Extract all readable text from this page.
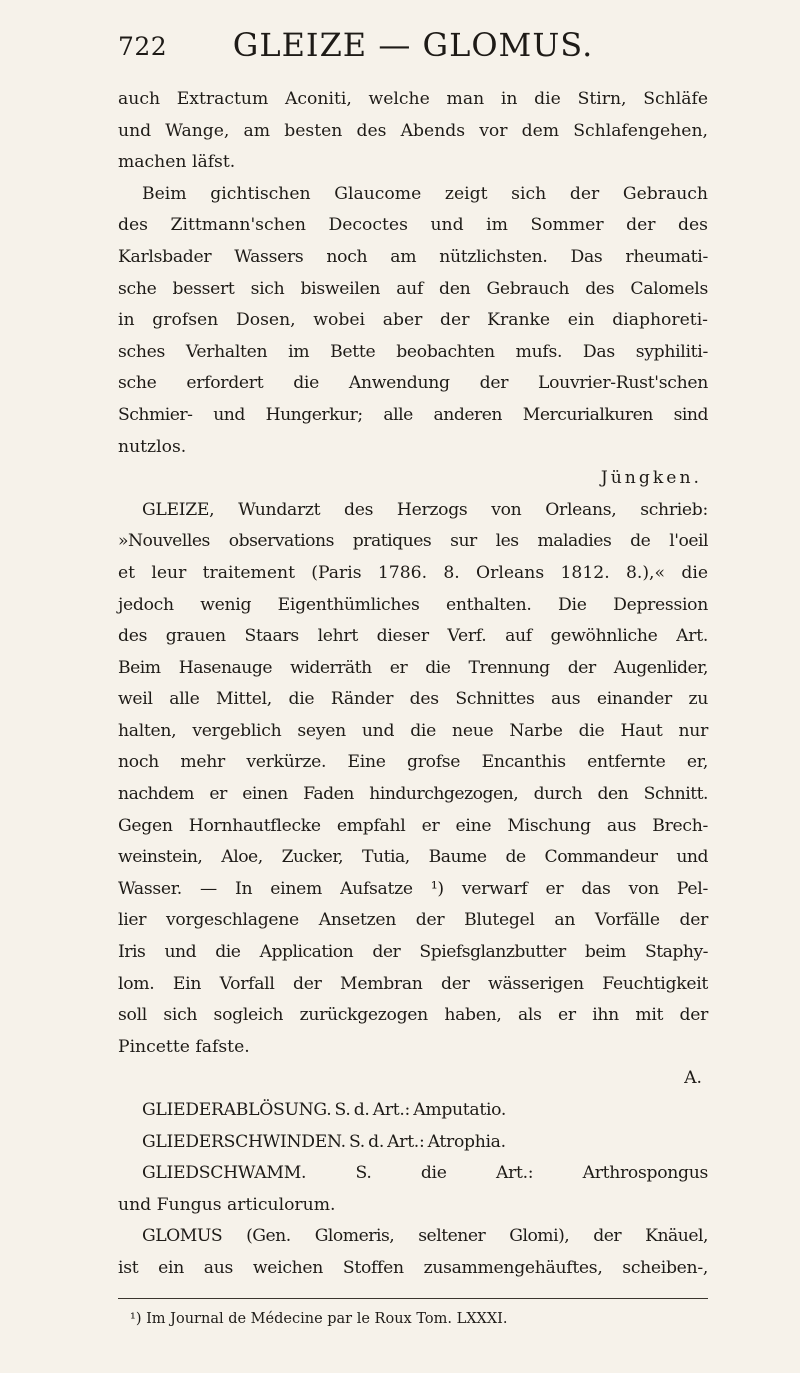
722	GLEIZE — GLOMUS.
auch Extractum Aconiti, welche man in die Stirn, Schläfe
und Wange, am besten des Abends vor dem Schlafengehen,
machen läfst.
Beim gichtischen Glaucome zeigt sich der Gebrauch
des Zittmann'schen Decoctes und im Sommer der des
Karlsbader Wassers noch am nützlichsten. Das rheumati-
sche bessert sich bisweilen auf den Gebrauch des Calomels
in grofsen Dosen, wobei aber der Kranke ein diaphoreti-
sches Verhalten im Bette beobachten mufs. Das syphiliti-
sche erfordert die Anwendung der Louvrier-Rust'schen
Schmier- und Hungerkur; alle anderen Mercurialkuren sind
nutzlos.
Jüngken.
GLEIZE, Wundarzt des Herzogs von Orleans, schrieb:
»Nouvelles observations pratiques sur les maladies de l'oeil
et leur traitement (Paris 1786. 8. Orleans 1812. 8.),« die
jedoch wenig Eigenthümliches enthalten. Die Depression
des grauen Staars lehrt dieser Verf. auf gewöhnliche Art.
Beim Hasenauge widerräth er die Trennung der Augenlider,
weil alle Mittel, die Ränder des Schnittes aus einander zu
halten, vergeblich seyen und die neue Narbe die Haut nur
noch mehr verkürze. Eine grofse Encanthis entfernte er,
nachdem er einen Faden hindurchgezogen, durch den Schnitt.
Gegen Hornhautflecke empfahl er eine Mischung aus Brech-
weinstein, Aloe, Zucker, Tutia, Baume de Commandeur und
Wasser. — In einem Aufsatze ¹) verwarf er das von Pel-
lier vorgeschlagene Ansetzen der Blutegel an Vorfälle der
Iris und die Application der Spiefsglanzbutter beim Staphy-
lom. Ein Vorfall der Membran der wässerigen Feuchtigkeit
soll sich sogleich zurückgezogen haben, als er ihn mit der
Pincette fafste.
A.
GLIEDERABLÖSUNG. S. d. Art.: Amputatio.
GLIEDERSCHWINDEN. S. d. Art.: Atrophia.
GLIEDSCHWAMM. S. die Art.: Arthrospongus
und Fungus articulorum.
GLOMUS (Gen. Glomeris, seltener Glomi), der Knäuel,
ist ein aus weichen Stoffen zusammengehäuftes, scheiben-,
¹) Im Journal de Médecine par le Roux Tom. LXXXI.
